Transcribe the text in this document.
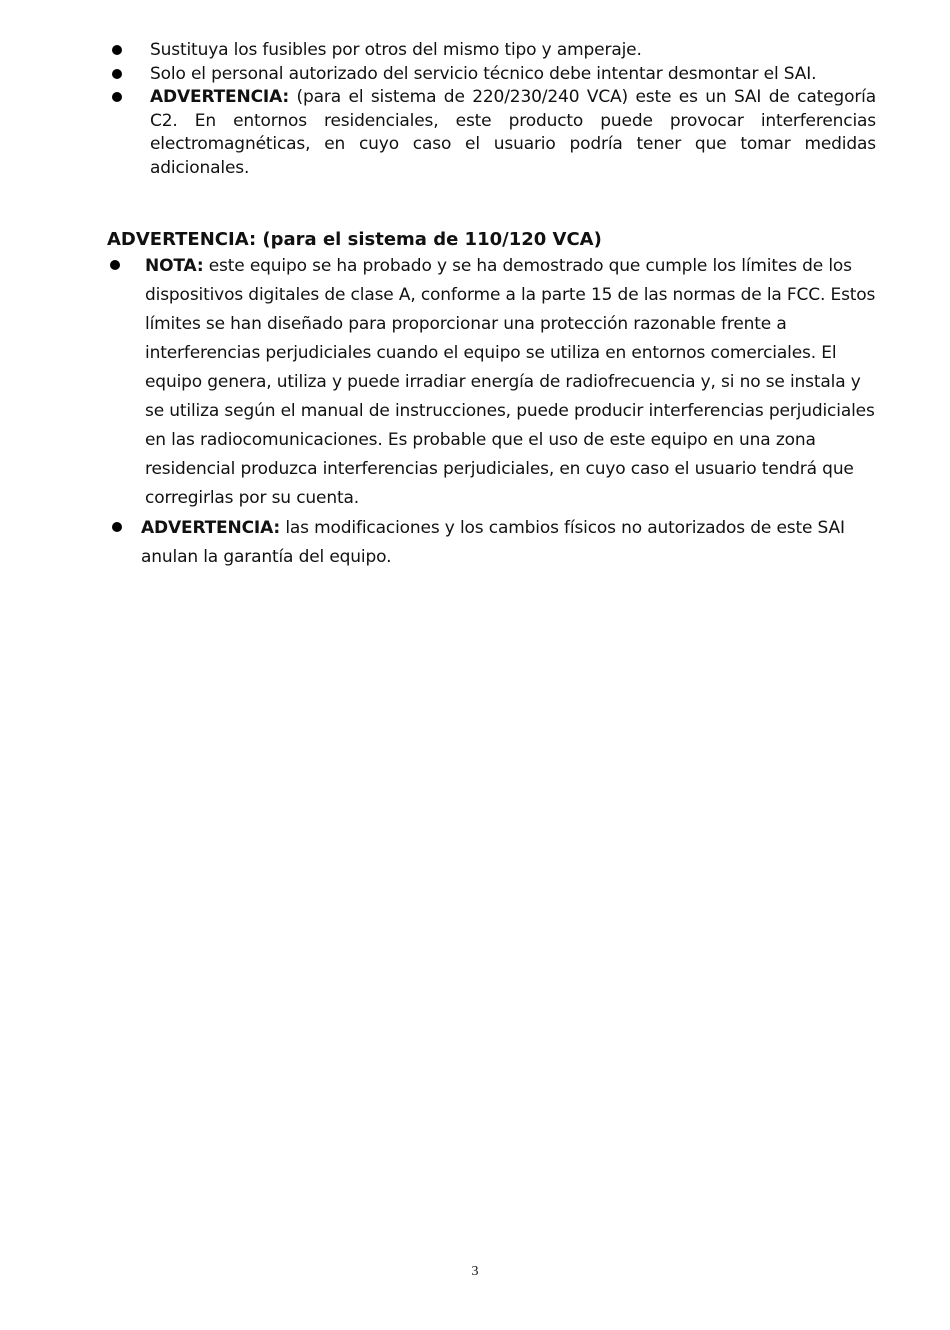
Sustituya los fusibles por otros del mismo tipo y amperaje.
Solo el personal autorizado del servicio técnico debe intentar desmontar el SAI.
ADVERTENCIA: (para el sistema de 220/230/240 VCA) este es un SAI de categoría C2. En entornos residenciales, este producto puede provocar interferencias electromagnéticas, en cuyo caso el usuario podría tener que tomar medidas adicionales.
ADVERTENCIA: (para el sistema de 110/120 VCA)
NOTA: este equipo se ha probado y se ha demostrado que cumple los límites de los dispositivos digitales de clase A, conforme a la parte 15 de las normas de la FCC. Estos límites se han diseñado para proporcionar una protección razonable frente a interferencias perjudiciales cuando el equipo se utiliza en entornos comerciales. El equipo genera, utiliza y puede irradiar energía de radiofrecuencia y, si no se instala y se utiliza según el manual de instrucciones, puede producir interferencias perjudiciales en las radiocomunicaciones. Es probable que el uso de este equipo en una zona residencial produzca interferencias perjudiciales, en cuyo caso el usuario tendrá que corregirlas por su cuenta.
ADVERTENCIA: las modificaciones y los cambios físicos no autorizados de este SAI anulan la garantía del equipo.
3
